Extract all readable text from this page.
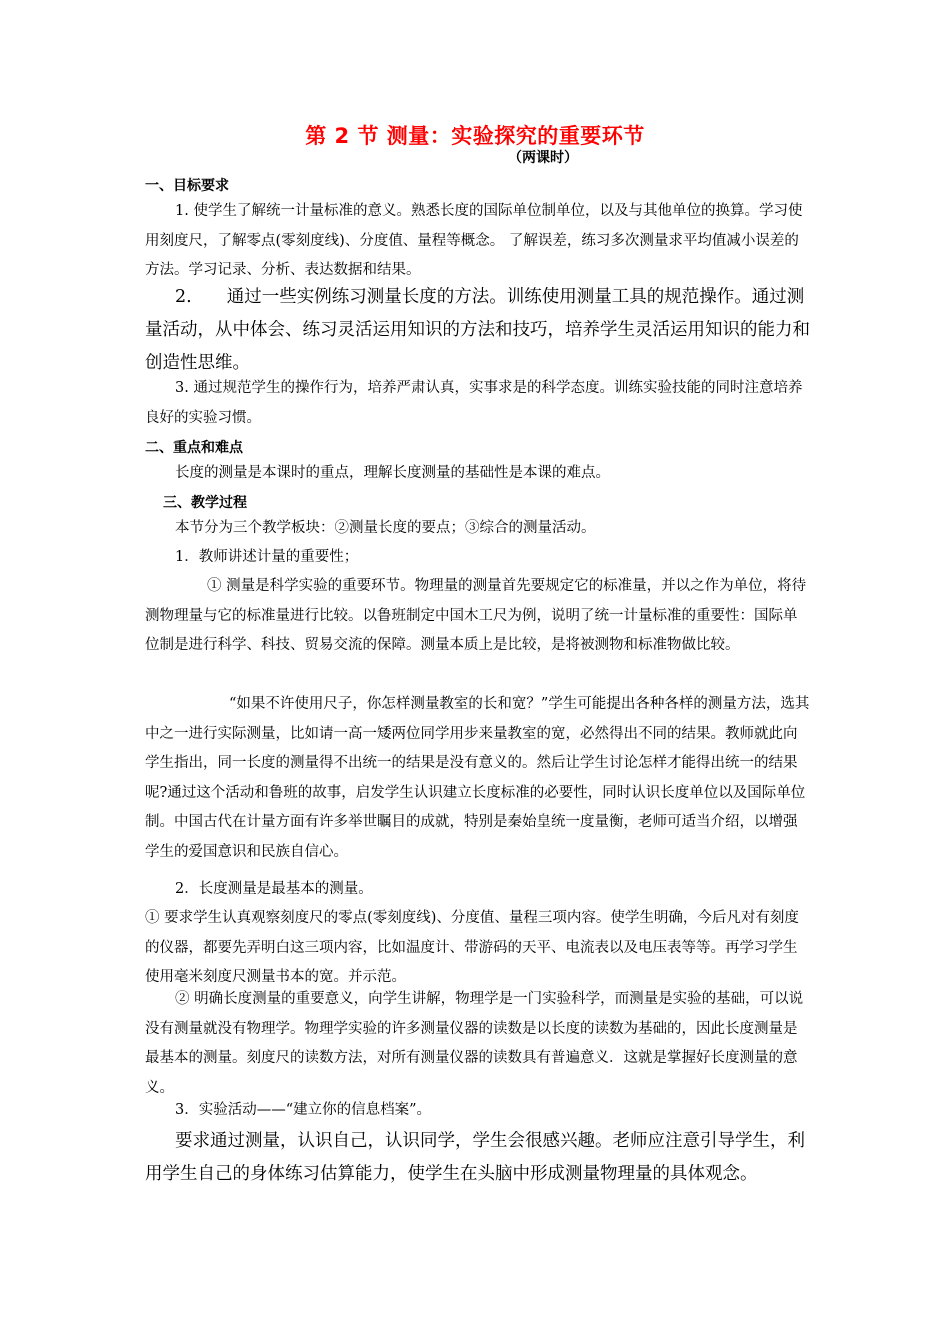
第 2 节 测量：实验探究的重要环节
（两课时）
一、目标要求

1. 使学生了解统一计量标准的意义。熟悉长度的国际单位制单位，以及与其他单位的换算。学习使用刻度尺，了解零点(零刻度线)、分度值、量程等概念。 了解误差，练习多次测量求平均值减小误差的方法。学习记录、分析、表达数据和结果。

2.　　通过一些实例练习测量长度的方法。训练使用测量工具的规范操作。通过测量活动，从中体会、练习灵活运用知识的方法和技巧，培养学生灵活运用知识的能力和创造性思维。

3. 通过规范学生的操作行为，培养严肃认真，实事求是的科学态度。训练实验技能的同时注意培养良好的实验习惯。

二、重点和难点

长度的测量是本课时的重点，理解长度测量的基础性是本课的难点。

三、教学过程

本节分为三个教学板块：②测量长度的要点；③综合的测量活动。

1．教师讲述计量的重要性；

① 测量是科学实验的重要环节。物理量的测量首先要规定它的标准量，并以之作为单位，将待测物理量与它的标准量进行比较。以鲁班制定中国木工尺为例，说明了统一计量标准的重要性：国际单位制是进行科学、科技、贸易交流的保障。测量本质上是比较，是将被测物和标准物做比较。

“如果不许使用尺子，你怎样测量教室的长和宽？”学生可能提出各种各样的测量方法，选其中之一进行实际测量，比如请一高一矮两位同学用步来量教室的宽，必然得出不同的结果。教师就此向学生指出，同一长度的测量得不出统一的结果是没有意义的。然后让学生讨论怎样才能得出统一的结果呢?通过这个活动和鲁班的故事，启发学生认识建立长度标准的必要性，同时认识长度单位以及国际单位制。中国古代在计量方面有许多举世瞩目的成就，特别是秦始皇统一度量衡，老师可适当介绍，以增强学生的爱国意识和民族自信心。

2．长度测量是最基本的测量。

① 要求学生认真观察刻度尺的零点(零刻度线)、分度值、量程三项内容。使学生明确，今后凡对有刻度的仪器，都要先弄明白这三项内容，比如温度计、带游码的天平、电流表以及电压表等等。再学习学生使用毫米刻度尺测量书本的宽。并示范。

② 明确长度测量的重要意义，向学生讲解，物理学是一门实验科学，而测量是实验的基础，可以说没有测量就没有物理学。物理学实验的许多测量仪器的读数是以长度的读数为基础的，因此长度测量是最基本的测量。刻度尺的读数方法，对所有测量仪器的读数具有普遍意义．这就是掌握好长度测量的意义。

3．实验活动——“建立你的信息档案”。

要求通过测量，认识自己，认识同学，学生会很感兴趣。老师应注意引导学生，利用学生自己的身体练习估算能力，使学生在头脑中形成测量物理量的具体观念。
